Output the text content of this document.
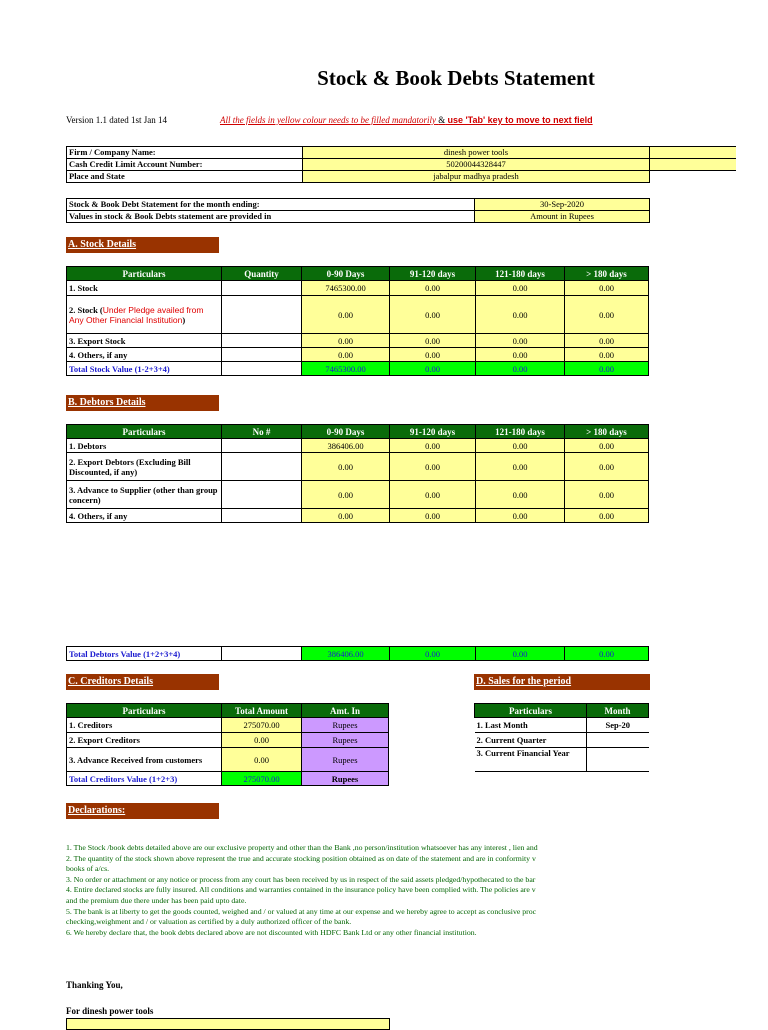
Stock & Book Debts Statement
Version 1.1 dated 1st Jan 14	All the fields in yellow colour needs to be filled mandatorily & use 'Tab' key to move to next field
Firm / Company Name:	dinesh power tools	
Cash Credit Limit Account Number:	50200044328447	
Place and State	jabalpur madhya pradesh	
Stock & Book Debt Statement for the month ending:	30-Sep-2020
Values in stock & Book Debts statement are provided in	Amount in Rupees
A. Stock Details
Particulars	Quantity	0-90 Days	91-120 days	121-180 days	> 180 days
1. Stock		7465300.00	0.00	0.00	0.00
2. Stock (Under Pledge availed from Any Other Financial Institution)		0.00	0.00	0.00	0.00
3. Export Stock		0.00	0.00	0.00	0.00
4. Others, if any		0.00	0.00	0.00	0.00
Total Stock Value (1-2+3+4)		7465300.00	0.00	0.00	0.00
B. Debtors Details
Particulars	No #	0-90 Days	91-120 days	121-180 days	> 180 days
1. Debtors		386406.00	0.00	0.00	0.00
2. Export Debtors (Excluding Bill Discounted, if any)		0.00	0.00	0.00	0.00
3. Advance to Supplier (other than group concern)		0.00	0.00	0.00	0.00
4. Others, if any		0.00	0.00	0.00	0.00
Total Debtors Value (1+2+3+4)		386406.00	0.00	0.00	0.00
C. Creditors Details
Particulars	Total Amount	Amt. In
1. Creditors	275070.00	Rupees
2. Export Creditors	0.00	Rupees
3. Advance Received from customers	0.00	Rupees
Total Creditors Value (1+2+3)	275070.00	Rupees
D. Sales for the period
Particulars	Month
1. Last Month	Sep-20
2. Current Quarter	
3. Current Financial Year	
Declarations:
1. The Stock /book debts detailed above are our exclusive property and other than the Bank ,no person/institution whatsoever has any interest , lien and
2. The quantity of the stock shown above represent the true and accurate stocking position obtained as on date of the statement and are in conformity v
books of a/cs.
3. No order or attachment or any notice or process from any court has been received by us in respect of the said assets pledged/hypothecated to the bar
4. Entire declared stocks are fully insured. All conditions and warranties contained in the insurance policy have been complied with. The policies are v
and the premium due there under has been paid upto date.
5. The bank is at liberty to get the goods counted, weighed and / or valued at any time at our expense and we hereby agree to accept as conclusive proc
checking,weighment and / or valuation as certified by a duly authorized officer of the bank.
6. We hereby declare that, the book debts declared above are not discounted with HDFC Bank Ltd or any other financial institution.
Thanking You,
For dinesh power tools
